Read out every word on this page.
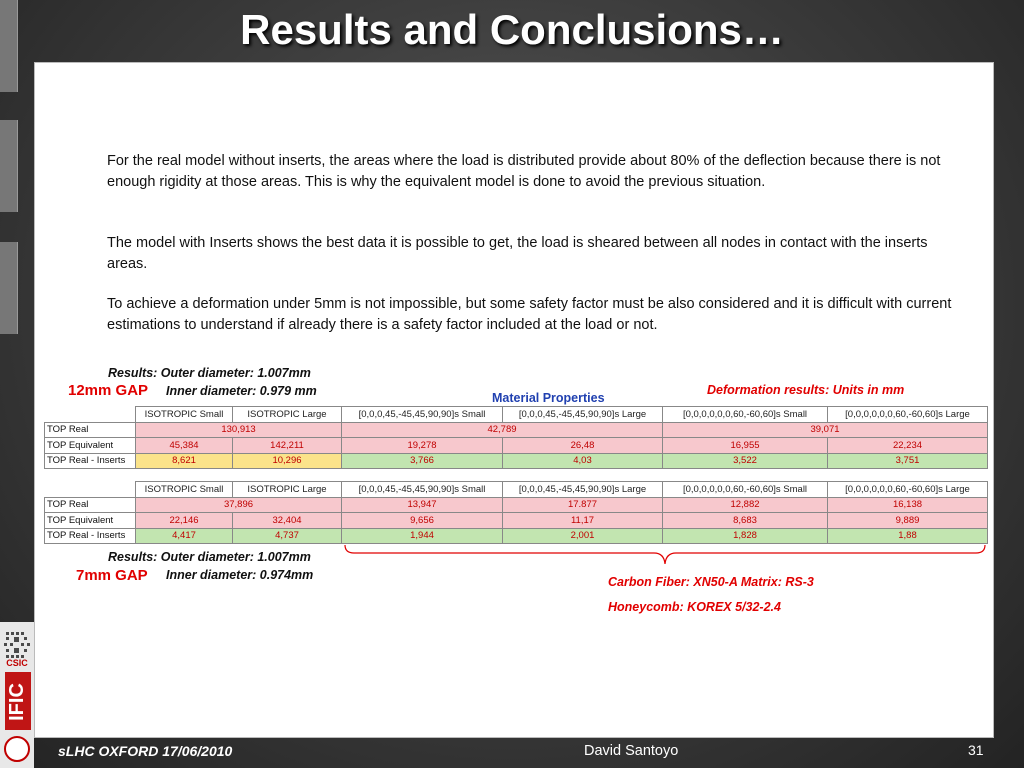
Results and Conclusions…

For the real model without inserts, the areas where the load is distributed provide about 80% of the deflection because there is not enough rigidity at those areas. This is why the equivalent model is done to avoid the previous situation.

The model with Inserts shows the best data it is possible to get, the load is sheared between all nodes in contact with the inserts areas.

To achieve a deformation under 5mm is not impossible, but some safety factor must be also considered and it is difficult with current estimations to understand if already there is a safety factor included at the load or not.

Results: Outer diameter: 1.007mm
12mm GAP Inner diameter: 0.979 mm	Material Properties
Deformation results: Units in mm
	ISOTROPIC Small	ISOTROPIC Large	[0,0,0,45,-45,45,90,90]s Small	[0,0,0,45,-45,45,90,90]s Large	[0,0,0,0,0,0,60,-60,60]s Small	[0,0,0,0,0,0,60,-60,60]s Large
TOP Real	130,913		42,789		39,071	
TOP Equivalent	45,384	142,211	19,278	26,48	16,955	22,234
TOP Real - Inserts	8,621	10,296	3,766	4,03	3,522	3,751
	ISOTROPIC Small	ISOTROPIC Large	[0,0,0,45,-45,45,90,90]s Small	[0,0,0,45,-45,45,90,90]s Large	[0,0,0,0,0,0,60,-60,60]s Small	[0,0,0,0,0,0,60,-60,60]s Large
TOP Real	37,896		13,947	17.877	12,882	16,138
TOP Equivalent	22,146	32,404	9,656	11,17	8,683	9,889
TOP Real - Inserts	4,417	4,737	1,944	2,001	1,828	1,88
Results: Outer diameter: 1.007mm
7mm GAP Inner diameter: 0.974mm	Carbon Fiber: XN50-A Matrix: RS-3
Honeycomb: KOREX 5/32-2.4
CSIC
IFIC
sLHC OXFORD 17/06/2010	David Santoyo	31
